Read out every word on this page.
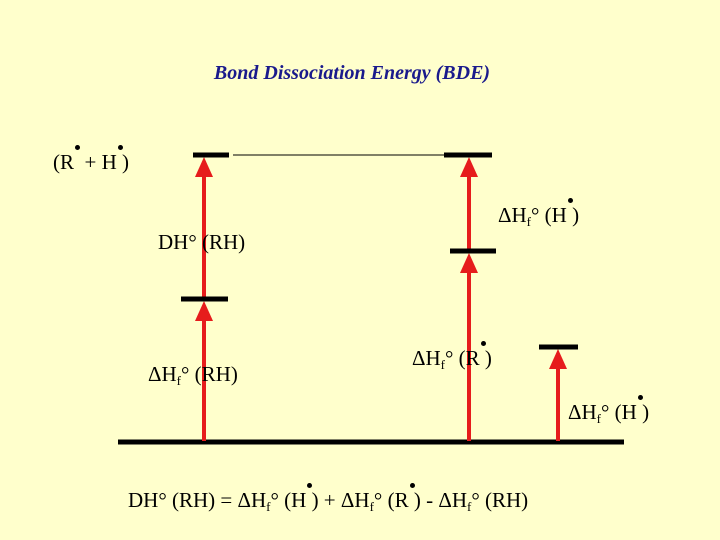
Bond Dissociation Energy (BDE)
(R + H )
DH° (RH)
$\Delta H_f^\circ$ (H )
$\Delta H_f^\circ$ (RH)
$\Delta H_f^\circ$ (R )
$\Delta H_f^\circ$ (H )
DH° $(RH) = \Delta H_f^\circ$ (H ) + $\Delta H_f^\circ$ (R ) - $\Delta H_f^\circ$ (RH)
